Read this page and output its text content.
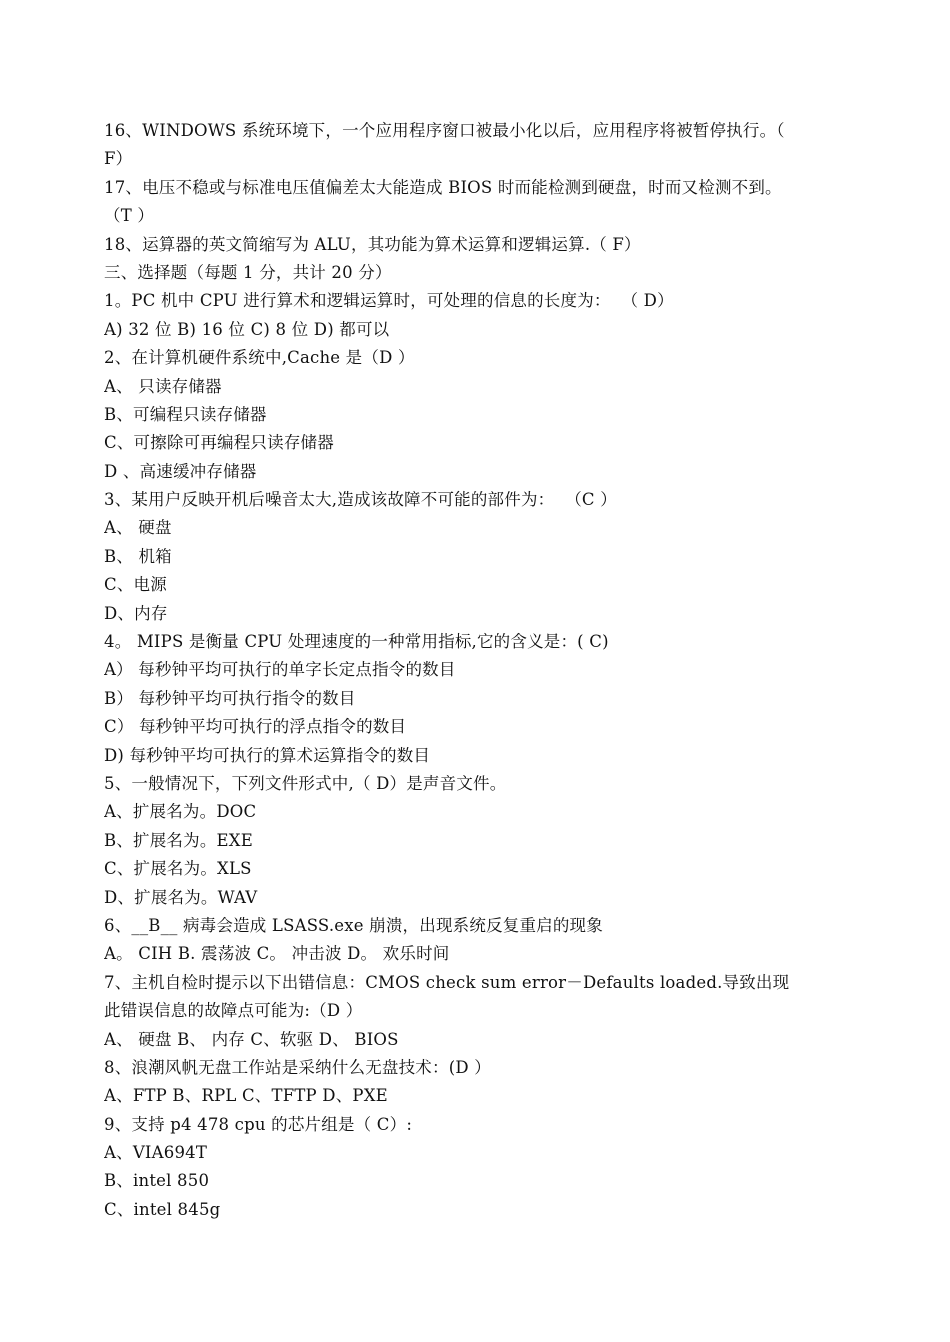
16、WINDOWS 系统环境下，一个应用程序窗口被最小化以后，应用程序将被暂停执行。（
F）
17、电压不稳或与标准电压值偏差太大能造成 BIOS 时而能检测到硬盘，时而又检测不到。
（T ）
18、运算器的英文简缩写为 ALU，其功能为算术运算和逻辑运算.（ F）
三、选择题（每题 1 分，共计 20 分）
1。PC 机中 CPU 进行算术和逻辑运算时，可处理的信息的长度为：  （ D）
A) 32 位 B) 16 位 C) 8 位 D) 都可以
2、在计算机硬件系统中,Cache 是（D ）
A、 只读存储器
B、可编程只读存储器
C、可擦除可再编程只读存储器
D 、高速缓冲存储器
3、某用户反映开机后噪音太大,造成该故障不可能的部件为：  （C ）
A、 硬盘
B、 机箱
C、电源
D、内存
4。 MIPS 是衡量 CPU 处理速度的一种常用指标,它的含义是：( C)
A） 每秒钟平均可执行的单字长定点指令的数目
B） 每秒钟平均可执行指令的数目
C） 每秒钟平均可执行的浮点指令的数目
D) 每秒钟平均可执行的算术运算指令的数目
5、一般情况下，下列文件形式中,（ D）是声音文件。
A、扩展名为。DOC
B、扩展名为。EXE
C、扩展名为。XLS
D、扩展名为。WAV
6、__B__ 病毒会造成 LSASS.exe 崩溃，出现系统反复重启的现象
A。 CIH B. 震荡波 C。 冲击波 D。 欢乐时间
7、主机自检时提示以下出错信息：CMOS check sum error－Defaults loaded.导致出现
此错误信息的故障点可能为:（D ）
A、 硬盘 B、 内存 C、软驱 D、 BIOS
8、浪潮风帆无盘工作站是采纳什么无盘技术：(D ）
A、FTP B、RPL C、TFTP D、PXE
9、支持 p4 478 cpu 的芯片组是（ C）:
A、VIA694T
B、intel 850
C、intel 845g
